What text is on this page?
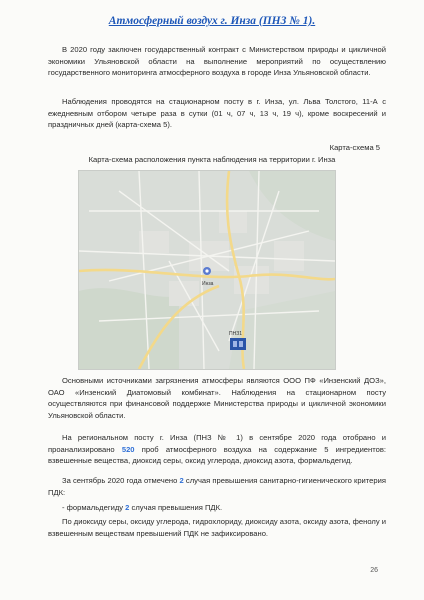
Атмосферный воздух г. Инза (ПНЗ № 1).

В 2020 году заключен государственный контракт с Министерством природы и цикличной экономики Ульяновской области на выполнение мероприятий по осуществлению государственного мониторинга атмосферного воздуха в городе Инза Ульяновской области.

Наблюдения проводятся на стационарном посту в г. Инза, ул. Льва Толстого, 11-А с ежедневным отбором четыре раза в сутки (01 ч, 07 ч, 13 ч, 19 ч), кроме воскресений и праздничных дней (карта-схема 5).

Карта-схема 5
Карта-схема расположения пункта наблюдения на территории г. Инза
Инза
ПНЗ1

Основными источниками загрязнения атмосферы являются ООО ПФ «Инзенский ДОЗ», ОАО «Инзенский Диатомовый комбинат». Наблюдения на стационарном посту осуществляются при финансовой поддержке Министерства природы и цикличной экономики Ульяновской области.

На региональном посту г. Инза (ПНЗ № 1) в сентябре 2020 года отобрано и проанализировано 520 проб атмосферного воздуха на содержание 5 ингредиентов: взвешенные вещества, диоксид серы, оксид углерода, диоксид азота, формальдегид.

За сентябрь 2020 года отмечено 2 случая превышения санитарно-гигиенического критерия ПДК:

- формальдегиду 2 случая превышения ПДК.

По диоксиду серы, оксиду углерода, гидрохлориду, диоксиду азота, оксиду азота, фенолу и взвешенным веществам превышений ПДК не зафиксировано.

26
